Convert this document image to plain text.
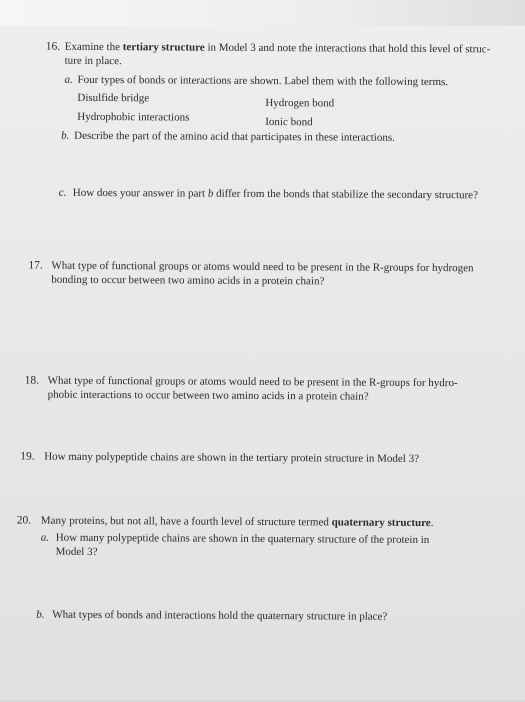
16. Examine the tertiary structure in Model 3 and note the interactions that hold this level of struc-
ture in place.
a. Four types of bonds or interactions are shown. Label them with the following terms.
Disulfide bridge	Hydrogen bond
Hydrophobic interactions	Ionic bond
b. Describe the part of the amino acid that participates in these interactions.
c. How does your answer in part b differ from the bonds that stabilize the secondary structure?
17. What type of functional groups or atoms would need to be present in the R-groups for hydrogen
bonding to occur between two amino acids in a protein chain?
18. What type of functional groups or atoms would need to be present in the R-groups for hydro-
phobic interactions to occur between two amino acids in a protein chain?
19. How many polypeptide chains are shown in the tertiary protein structure in Model 3?
20. Many proteins, but not all, have a fourth level of structure termed quaternary structure.
a. How many polypeptide chains are shown in the quaternary structure of the protein in
Model 3?
b. What types of bonds and interactions hold the quaternary structure in place?
